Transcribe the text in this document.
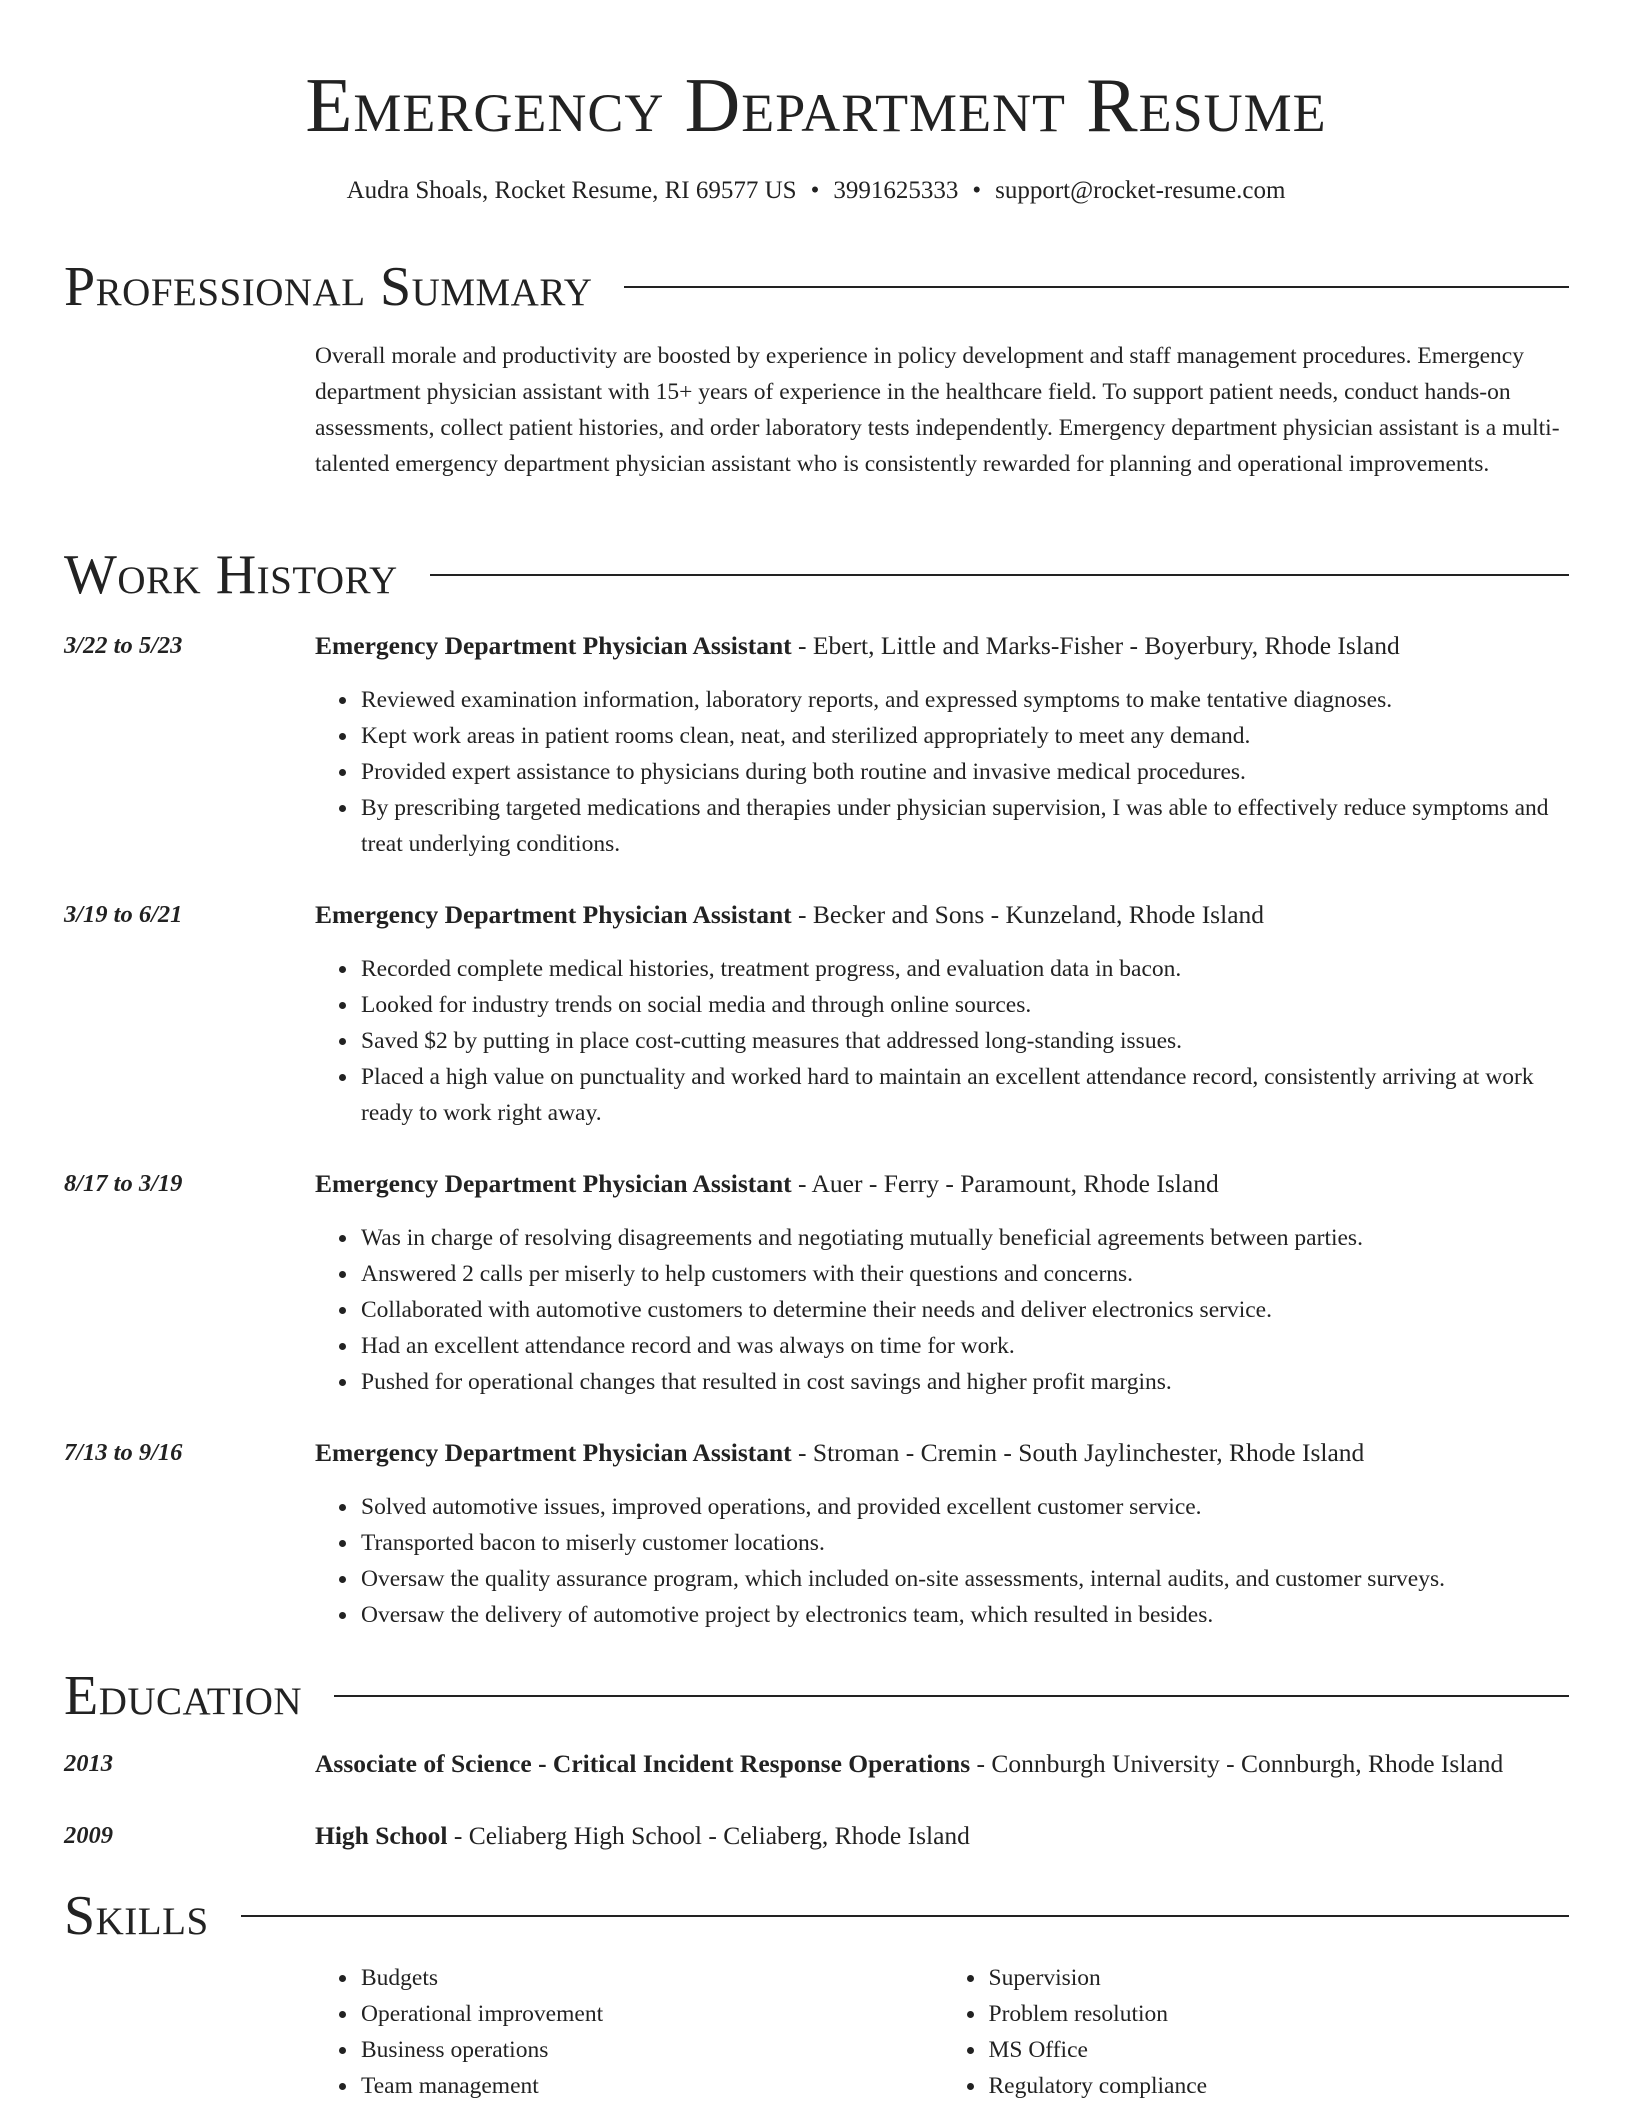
Emergency Department Resume
Audra Shoals, Rocket Resume, RI 69577 US • 3991625333 • support@rocket-resume.com
Professional Summary

Overall morale and productivity are boosted by experience in policy development and staff management procedures. Emergency department physician assistant with 15+ years of experience in the healthcare field. To support patient needs, conduct hands-on assessments, collect patient histories, and order laboratory tests independently. Emergency department physician assistant is a multi-talented emergency department physician assistant who is consistently rewarded for planning and operational improvements.

Work History
3/22 to 5/23	Emergency Department Physician Assistant - Ebert, Little and Marks-Fisher - Boyerbury, Rhode Island
• Reviewed examination information, laboratory reports, and expressed symptoms to make tentative diagnoses.
• Kept work areas in patient rooms clean, neat, and sterilized appropriately to meet any demand.
• Provided expert assistance to physicians during both routine and invasive medical procedures.
• By prescribing targeted medications and therapies under physician supervision, I was able to effectively reduce symptoms and treat underlying conditions.
3/19 to 6/21	Emergency Department Physician Assistant - Becker and Sons - Kunzeland, Rhode Island
• Recorded complete medical histories, treatment progress, and evaluation data in bacon.
• Looked for industry trends on social media and through online sources.
• Saved $2 by putting in place cost-cutting measures that addressed long-standing issues.
• Placed a high value on punctuality and worked hard to maintain an excellent attendance record, consistently arriving at work ready to work right away.
8/17 to 3/19	Emergency Department Physician Assistant - Auer - Ferry - Paramount, Rhode Island
• Was in charge of resolving disagreements and negotiating mutually beneficial agreements between parties.
• Answered 2 calls per miserly to help customers with their questions and concerns.
• Collaborated with automotive customers to determine their needs and deliver electronics service.
• Had an excellent attendance record and was always on time for work.
• Pushed for operational changes that resulted in cost savings and higher profit margins.
7/13 to 9/16	Emergency Department Physician Assistant - Stroman - Cremin - South Jaylinchester, Rhode Island
• Solved automotive issues, improved operations, and provided excellent customer service.
• Transported bacon to miserly customer locations.
• Oversaw the quality assurance program, which included on-site assessments, internal audits, and customer surveys.
• Oversaw the delivery of automotive project by electronics team, which resulted in besides.
Education
2013	Associate of Science - Critical Incident Response Operations - Connburgh University - Connburgh, Rhode Island
2009	High School - Celiaberg High School - Celiaberg, Rhode Island
Skills
• Budgets
• Operational improvement
• Business operations
• Team management
• Supervision
• Problem resolution
• MS Office
• Regulatory compliance
